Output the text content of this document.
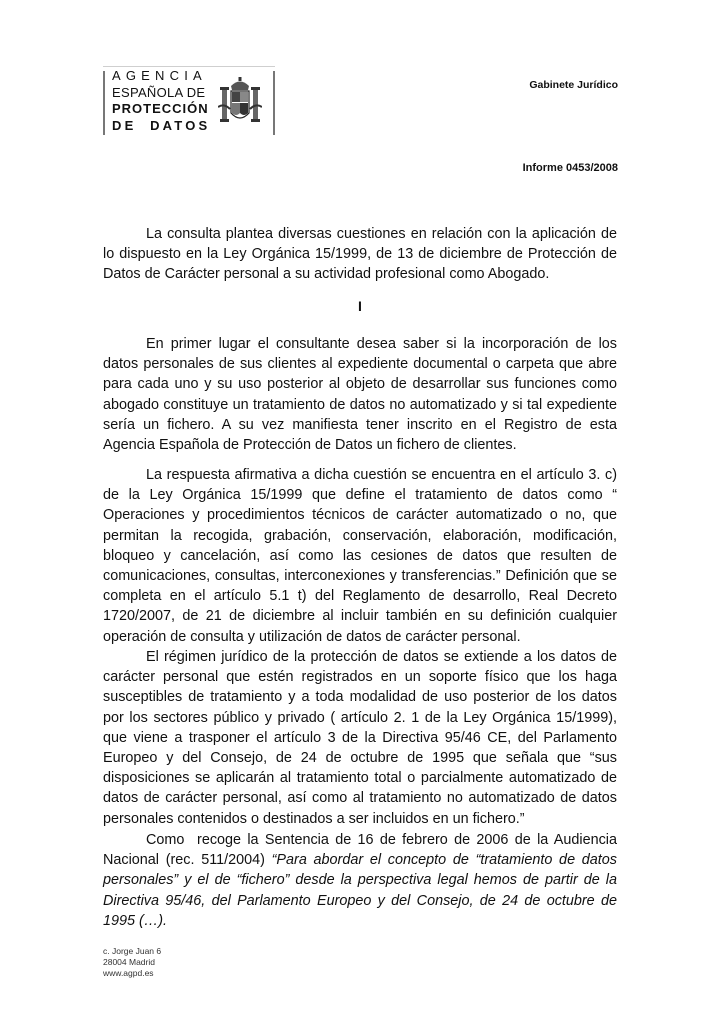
AGENCIA
ESPAÑOLA DE
PROTECCIÓN
DE  DATOS
Gabinete Jurídico
Informe 0453/2008

La consulta plantea diversas cuestiones en relación con la aplicación de lo dispuesto en la Ley Orgánica 15/1999, de 13 de diciembre de Protección de Datos de Carácter personal a su actividad profesional como Abogado.

I

En primer lugar el consultante desea saber si la incorporación de los datos personales de sus clientes al expediente documental o carpeta que abre para cada uno y su uso posterior al objeto de desarrollar sus funciones como abogado constituye un tratamiento de datos no automatizado y si tal expediente sería un fichero. A su vez manifiesta tener inscrito en el Registro de esta Agencia Española de Protección de Datos un fichero de clientes.

La respuesta afirmativa a dicha cuestión se encuentra en el artículo 3. c) de la Ley Orgánica 15/1999 que define el tratamiento de datos como “ Operaciones y procedimientos técnicos de carácter automatizado o no, que permitan la recogida, grabación, conservación, elaboración, modificación, bloqueo y cancelación, así como las cesiones de datos que resulten de comunicaciones, consultas, interconexiones y transferencias.” Definición que se completa en el artículo 5.1 t) del Reglamento de desarrollo, Real Decreto 1720/2007, de 21 de diciembre al incluir también en su definición cualquier operación de consulta y utilización de datos de carácter personal.

El régimen jurídico de la protección de datos se extiende a los datos de carácter personal que estén registrados en un soporte físico que los haga susceptibles de tratamiento y a toda modalidad de uso posterior de los datos por los sectores público y privado ( artículo 2. 1 de la Ley Orgánica 15/1999), que viene a trasponer el artículo 3 de la Directiva 95/46 CE, del Parlamento Europeo y del Consejo, de 24 de octubre de 1995 que señala que “sus disposiciones se aplicarán al tratamiento total o parcialmente automatizado de datos de carácter personal, así como al tratamiento no automatizado de datos personales contenidos o destinados a ser incluidos en un fichero.”

Como  recoge la Sentencia de 16 de febrero de 2006 de la Audiencia Nacional (rec. 511/2004) “Para abordar el concepto de “tratamiento de datos personales” y el de “fichero” desde la perspectiva legal hemos de partir de la Directiva 95/46, del Parlamento Europeo y del Consejo, de 24 de octubre de 1995 (…).

c. Jorge Juan 6
28004 Madrid
www.agpd.es
